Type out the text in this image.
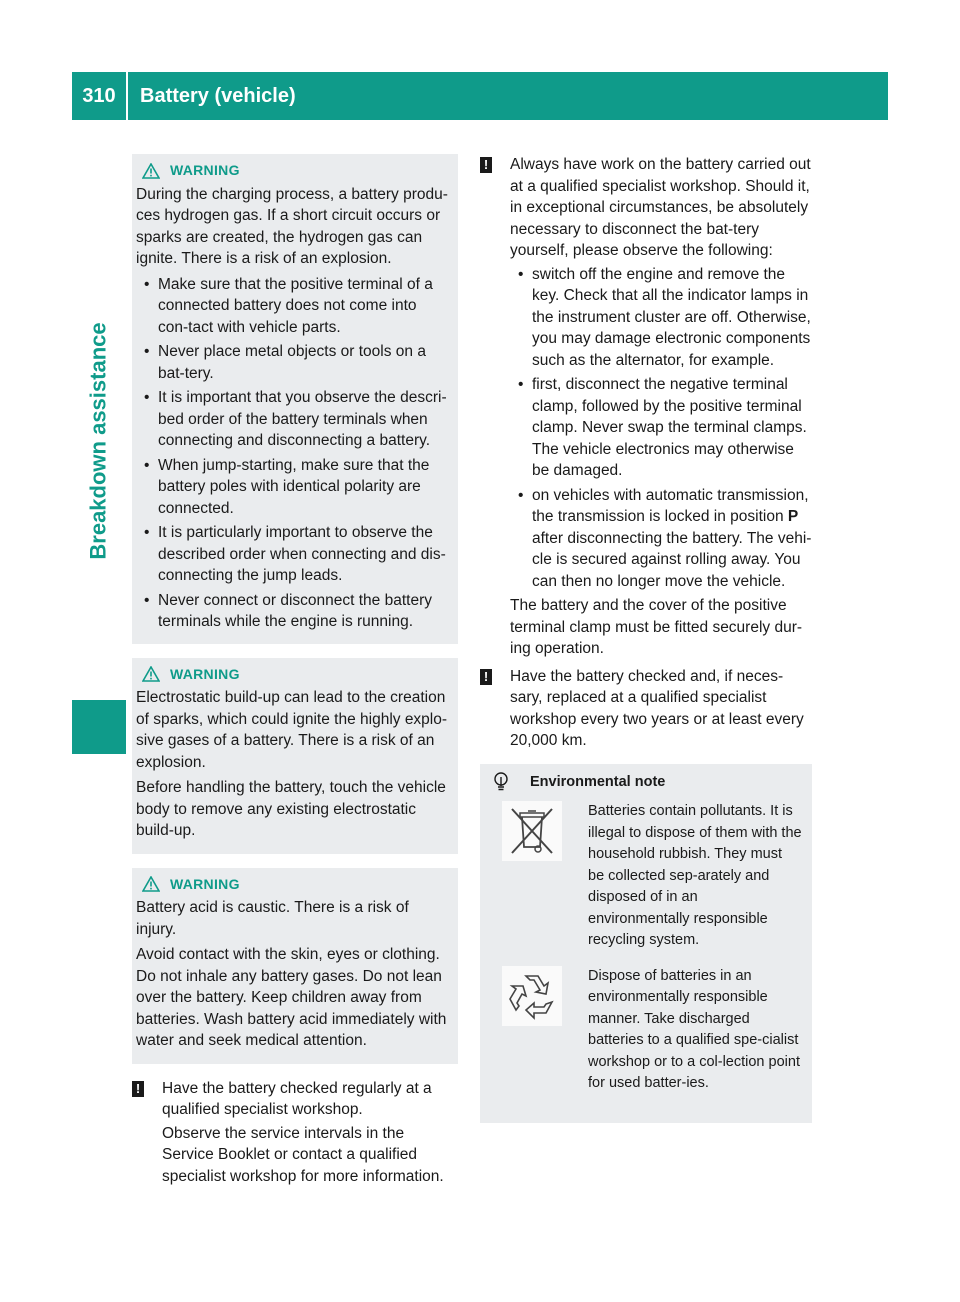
310	Battery (vehicle)
Breakdown assistance
WARNING

During the charging process, a battery produ-ces hydrogen gas. If a short circuit occurs or sparks are created, the hydrogen gas can ignite. There is a risk of an explosion.

• Make sure that the positive terminal of a connected battery does not come into con-tact with vehicle parts.
• Never place metal objects or tools on a bat-tery.
• It is important that you observe the descri-bed order of the battery terminals when connecting and disconnecting a battery.
• When jump-starting, make sure that the battery poles with identical polarity are connected.
• It is particularly important to observe the described order when connecting and dis-connecting the jump leads.
• Never connect or disconnect the battery terminals while the engine is running.
WARNING

Electrostatic build-up can lead to the creation of sparks, which could ignite the highly explo-sive gases of a battery. There is a risk of an explosion.

Before handling the battery, touch the vehicle body to remove any existing electrostatic build-up.

WARNING

Battery acid is caustic. There is a risk of injury.

Avoid contact with the skin, eyes or clothing. Do not inhale any battery gases. Do not lean over the battery. Keep children away from batteries. Wash battery acid immediately with water and seek medical attention.

! Have the battery checked regularly at a qualified specialist workshop.

Observe the service intervals in the Service Booklet or contact a qualified specialist workshop for more information.

! Always have work on the battery carried out at a qualified specialist workshop. Should it, in exceptional circumstances, be absolutely necessary to disconnect the bat-tery yourself, please observe the following:

• switch off the engine and remove the key. Check that all the indicator lamps in the instrument cluster are off. Otherwise, you may damage electronic components such as the alternator, for example.
• first, disconnect the negative terminal clamp, followed by the positive terminal clamp. Never swap the terminal clamps. The vehicle electronics may otherwise be damaged.
• on vehicles with automatic transmission, the transmission is locked in position P after disconnecting the battery. The vehi-cle is secured against rolling away. You can then no longer move the vehicle.

The battery and the cover of the positive terminal clamp must be fitted securely dur-ing operation.

! Have the battery checked and, if neces-sary, replaced at a qualified specialist workshop every two years or at least every 20,000 km.

Environmental note
Batteries contain pollutants. It is illegal to dispose of them with the household rubbish. They must be collected sep-arately and disposed of in an environmentally responsible recycling system.
Dispose of batteries in an environmentally responsible manner. Take discharged batteries to a qualified spe-cialist workshop or to a col-lection point for used batter-ies.
